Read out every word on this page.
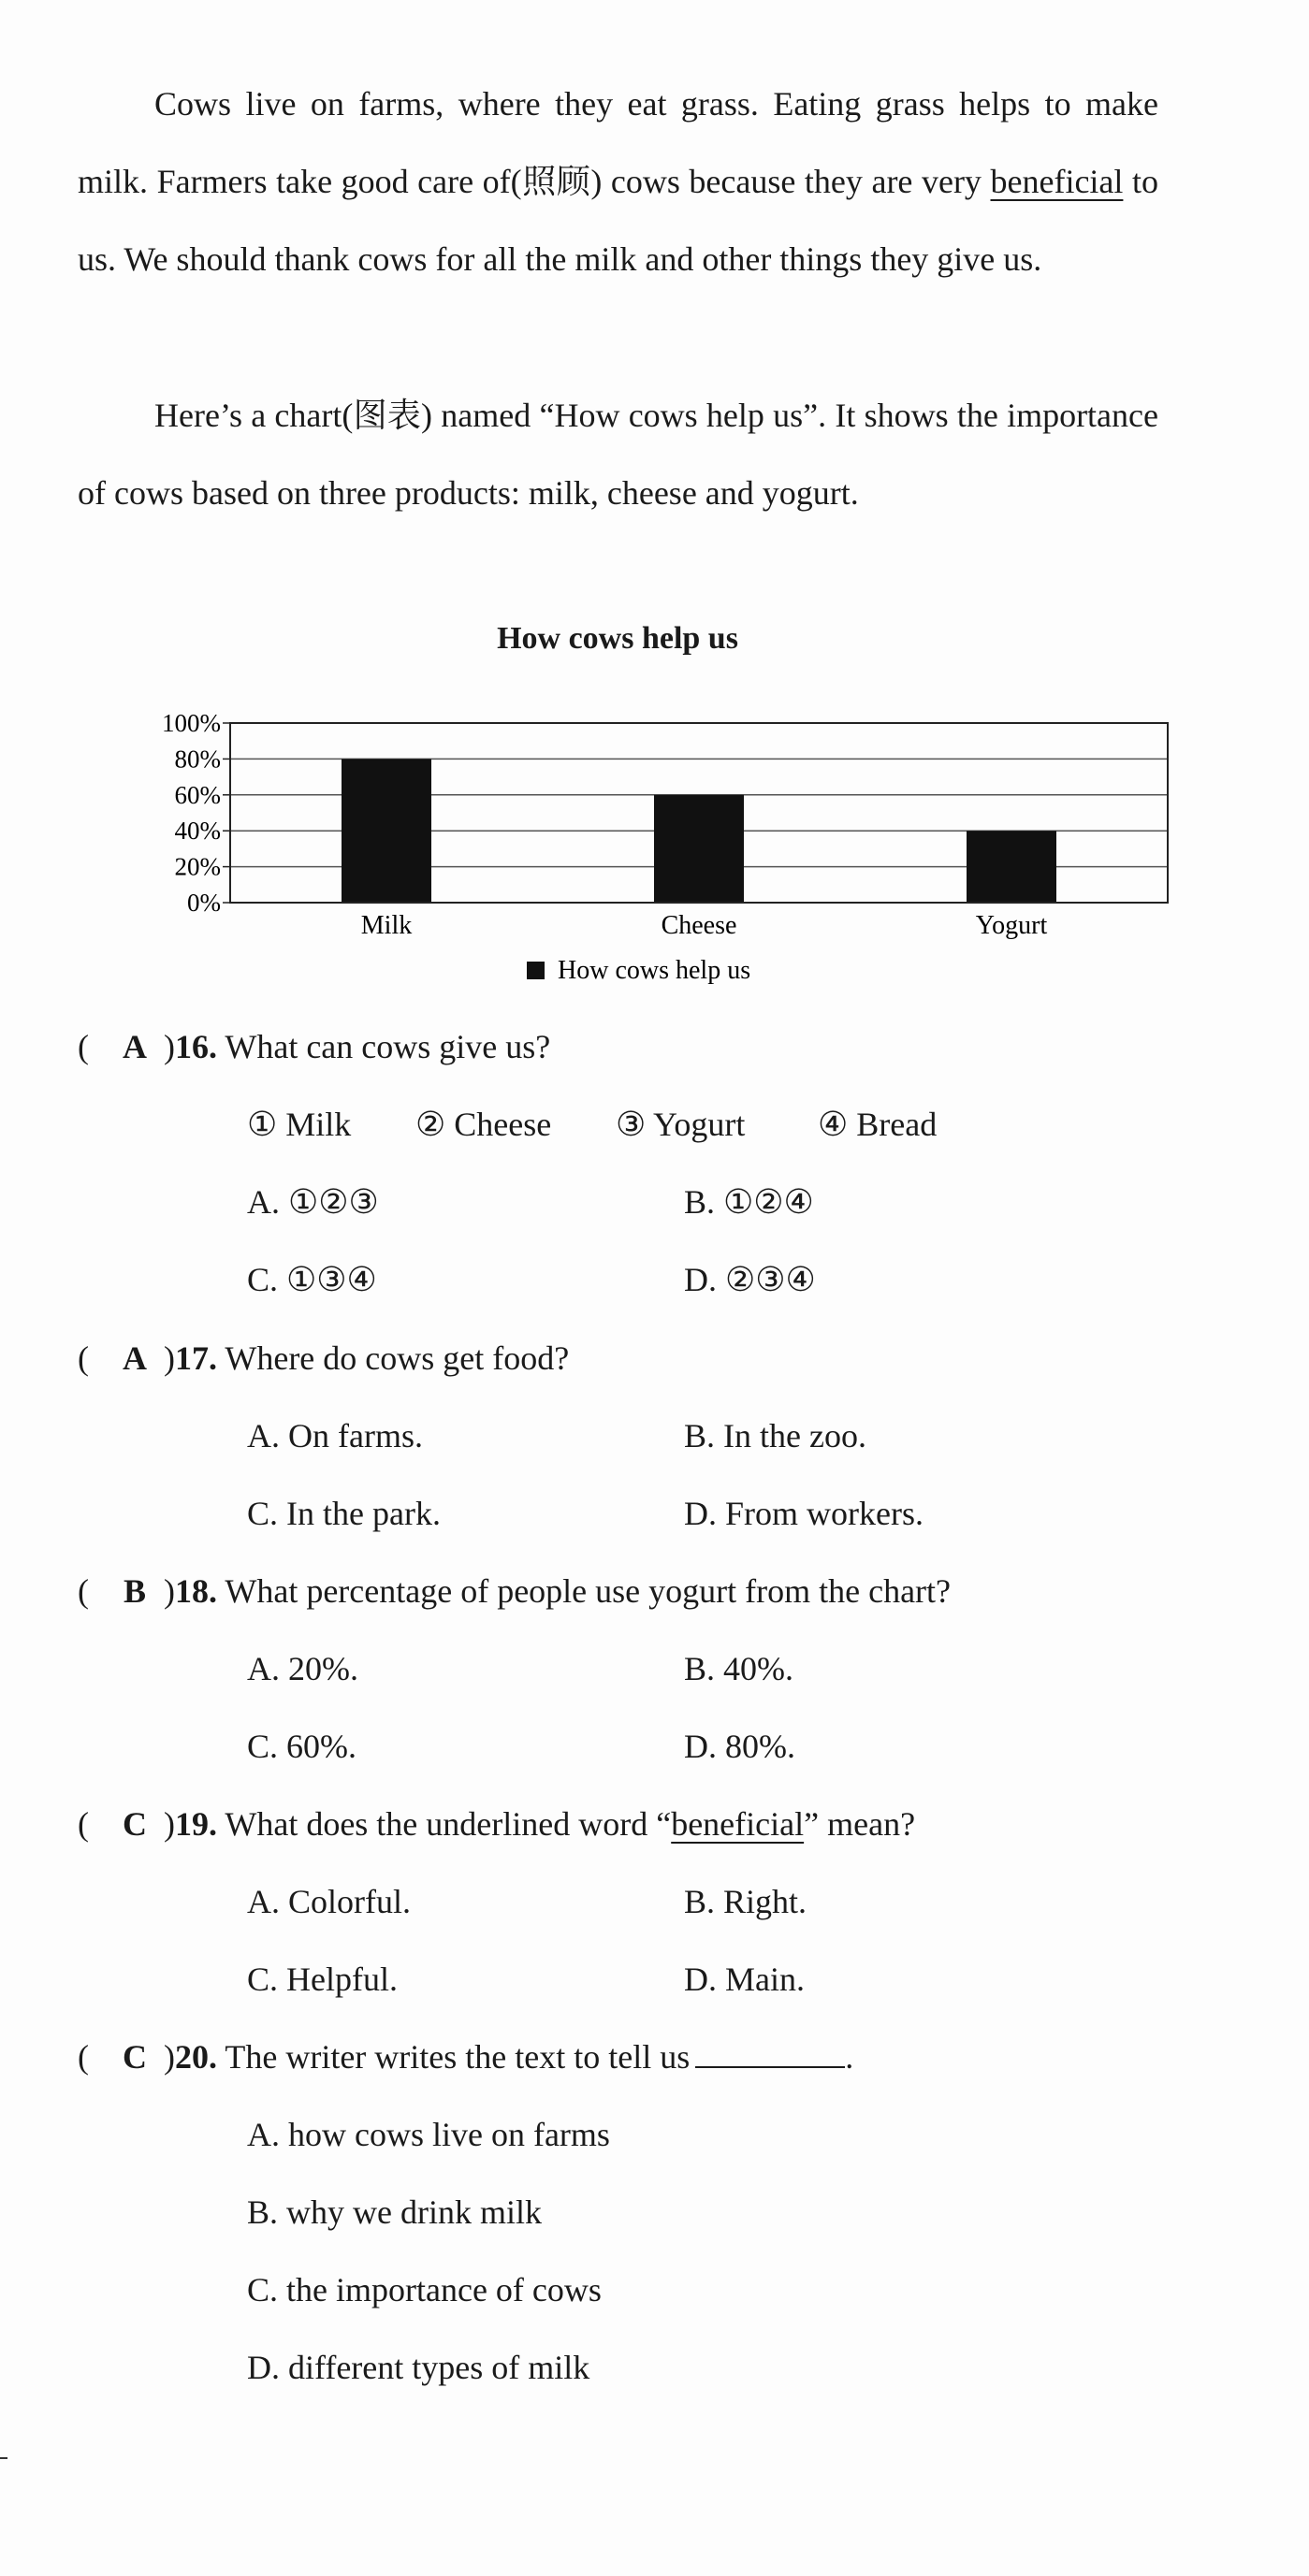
Cows live on farms, where they eat grass. Eating grass helps to make milk. Farmers take good care of(照顾) cows because they are very beneficial to us. We should thank cows for all the milk and other things they give us.

Here’s a chart(图表) named “How cows help us”. It shows the importance of cows based on three products: milk, cheese and yogurt.

How cows help us
0%
20%
40%
60%
80%
100%
Milk	Cheese	Yogurt
How cows help us
( A )16. What can cows give us?
① Milk ② Cheese ③ Yogurt ④ Bread
A. ①②③	B. ①②④
C. ①③④	D. ②③④
( A )17. Where do cows get food?
A. On farms.	B. In the zoo.
C. In the park.	D. From workers.
( B )18. What percentage of people use yogurt from the chart?
A. 20%.	B. 40%.
C. 60%.	D. 80%.
( C )19. What does the underlined word “beneficial” mean?
A. Colorful.	B. Right.
C. Helpful.	D. Main.
( C )20. The writer writes the text to tell us	.
A. how cows live on farms
B. why we drink milk
C. the importance of cows
D. different types of milk
